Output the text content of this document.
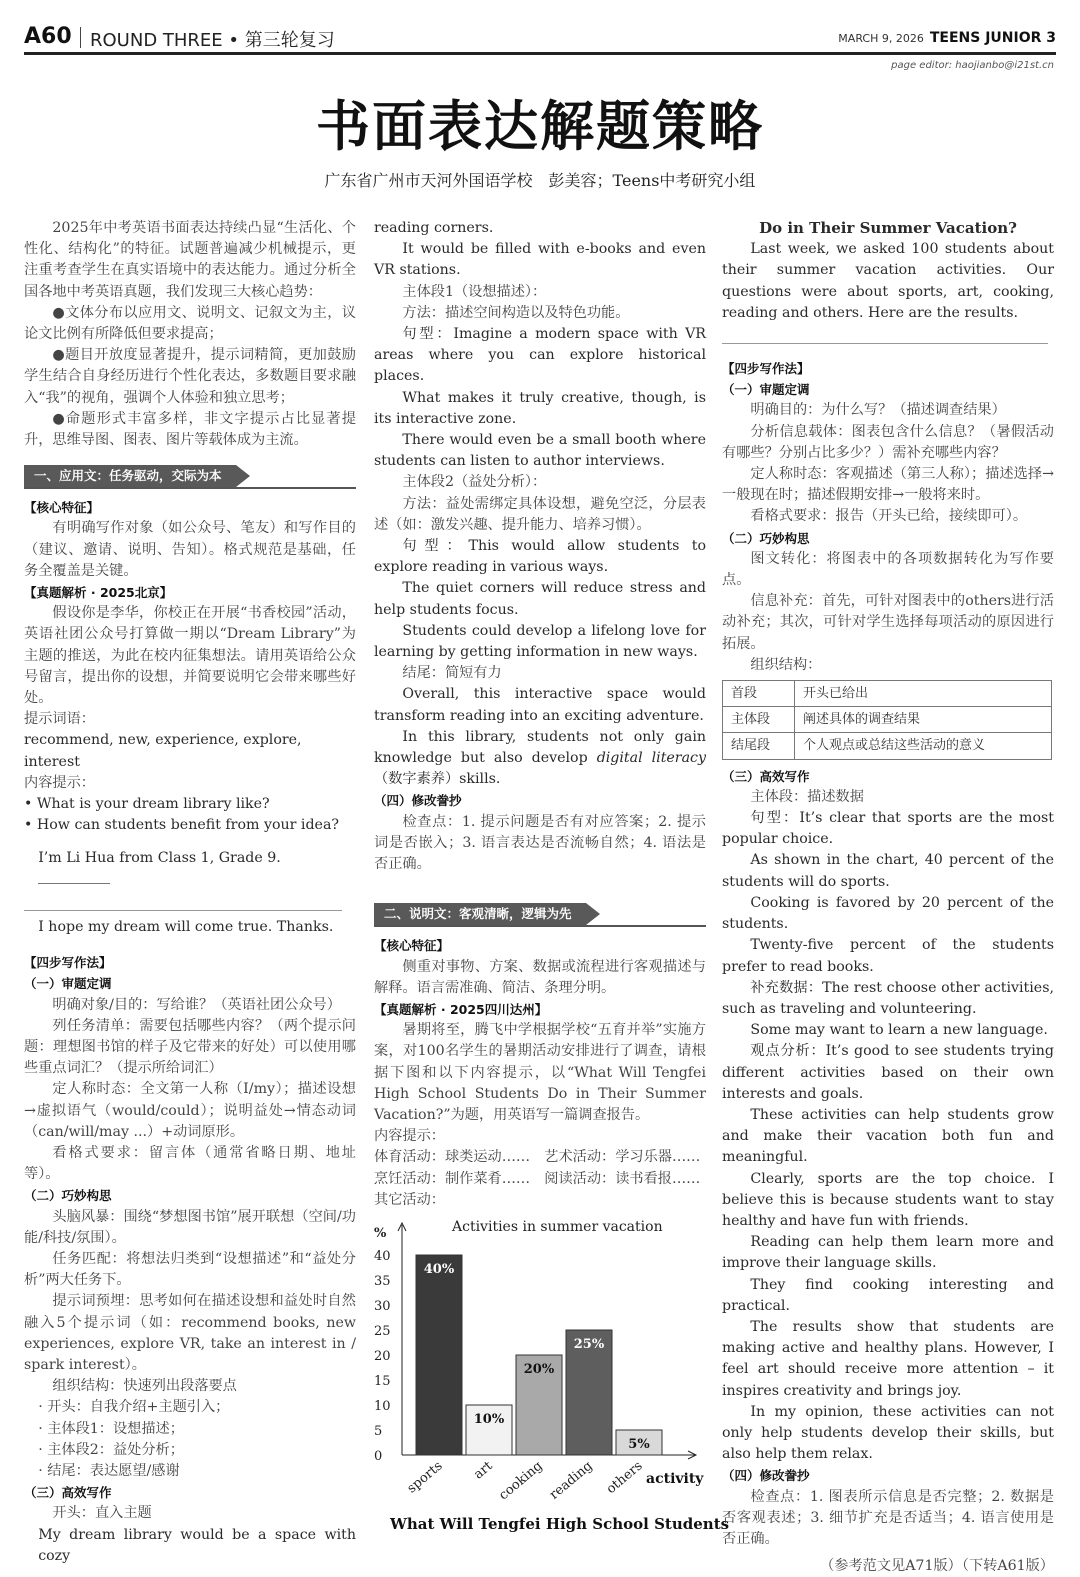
A60 ROUND THREE • 第三轮复习	MARCH 9, 2026 TEENS JUNIOR 3
page editor: haojianbo@i21st.cn
书面表达解题策略
广东省广州市天河外国语学校　彭美容；Teens中考研究小组

2025年中考英语书面表达持续凸显“生活化、个性化、结构化”的特征。试题普遍减少机械提示，更注重考查学生在真实语境中的表达能力。通过分析全国各地中考英语真题，我们发现三大核心趋势：

●文体分布以应用文、说明文、记叙文为主，议论文比例有所降低但要求提高；

●题目开放度显著提升，提示词精简，更加鼓励学生结合自身经历进行个性化表达，多数题目要求融入“我”的视角，强调个人体验和独立思考；

●命题形式丰富多样，非文字提示占比显著提升，思维导图、图表、图片等载体成为主流。

一、应用文：任务驱动，交际为本
【核心特征】

有明确写作对象（如公众号、笔友）和写作目的（建议、邀请、说明、告知）。格式规范是基础，任务全覆盖是关键。

【真题解析 · 2025北京】

假设你是李华，你校正在开展“书香校园”活动，英语社团公众号打算做一期以“Dream Library”为主题的推送，为此在校内征集想法。请用英语给公众号留言，提出你的设想，并简要说明它会带来哪些好处。

提示词语：
recommend, new, experience, explore, interest
内容提示：
• What is your dream library like?
• How can students benefit from your idea?
I’m Li Hua from Class 1, Grade 9.
I hope my dream will come true. Thanks.
【四步写作法】
（一）审题定调

明确对象/目的：写给谁？（英语社团公众号）

列任务清单：需要包括哪些内容？（两个提示问题：理想图书馆的样子及它带来的好处）可以使用哪些重点词汇？（提示所给词汇）

定人称时态：全文第一人称（I/my）；描述设想→虚拟语气（would/could）；说明益处→情态动词（can/will/may ...）+动词原形。

看格式要求：留言体（通常省略日期、地址等）。

（二）巧妙构思

头脑风暴：围绕“梦想图书馆”展开联想（空间/功能/科技/氛围）。

任务匹配：将想法归类到“设想描述”和“益处分析”两大任务下。

提示词预埋：思考如何在描述设想和益处时自然融入5个提示词（如：recommend books, new experiences, explore VR, take an interest in / spark interest）。

组织结构：快速列出段落要点

· 开头：自我介绍+主题引入；
· 主体段1：设想描述；
· 主体段2：益处分析；
· 结尾：表达愿望/感谢
（三）高效写作

开头：直入主题

My dream library would be a space with cozy

reading corners.

It would be filled with e-books and even VR stations.

主体段1（设想描述）：

方法：描述空间构造以及特色功能。

句型：Imagine a modern space with VR areas where you can explore historical places.

What makes it truly creative, though, is its interactive zone.

There would even be a small booth where students can listen to author interviews.

主体段2（益处分析）：

方法：益处需绑定具体设想，避免空泛，分层表述（如：激发兴趣、提升能力、培养习惯）。

句型：This would allow students to explore reading in various ways.

The quiet corners will reduce stress and help students focus.

Students could develop a lifelong love for learning by getting information in new ways.

结尾：简短有力

Overall, this interactive space would transform reading into an exciting adventure.

In this library, students not only gain knowledge but also develop digital literacy（数字素养）skills.

（四）修改誊抄

检查点：1. 提示问题是否有对应答案；2. 提示词是否嵌入；3. 语言表达是否流畅自然；4. 语法是否正确。

二、说明文：客观清晰，逻辑为先
【核心特征】

侧重对事物、方案、数据或流程进行客观描述与解释。语言需准确、简洁、条理分明。

【真题解析 · 2025四川达州】

暑期将至，腾飞中学根据学校“五育并举”实施方案，对100名学生的暑期活动安排进行了调查，请根据下图和以下内容提示，以“What Will Tengfei High School Students Do in Their Summer Vacation?”为题，用英语写一篇调查报告。

内容提示：
体育活动：球类运动……　艺术活动：学习乐器……
烹饪活动：制作菜肴……　阅读活动：读书看报……
其它活动：
Activities in summer vacation
%
0
5
10
15
20
25
30
35
40
40%
sports
10%
art
20%
cooking
25%
reading
5%
others activity
What Will Tengfei High School Students
Do in Their Summer Vacation?

Last week, we asked 100 students about their summer vacation activities. Our questions were about sports, art, cooking, reading and others. Here are the results.

【四步写作法】
（一）审题定调

明确目的：为什么写？（描述调查结果）

分析信息载体：图表包含什么信息？（暑假活动有哪些？分别占比多少？）需补充哪些内容？

定人称时态：客观描述（第三人称）；描述选择→一般现在时；描述假期安排→一般将来时。

看格式要求：报告（开头已给，接续即可）。

（二）巧妙构思

图文转化：将图表中的各项数据转化为写作要点。

信息补充：首先，可针对图表中的others进行活动补充；其次，可针对学生选择每项活动的原因进行拓展。

组织结构：

首段	开头已给出
主体段	阐述具体的调查结果
结尾段	个人观点或总结这些活动的意义
（三）高效写作

主体段：描述数据

句型：It’s clear that sports are the most popular choice.

As shown in the chart, 40 percent of the students will do sports.

Cooking is favored by 20 percent of the students.

Twenty-five percent of the students prefer to read books.

补充数据：The rest choose other activities, such as traveling and volunteering.

Some may want to learn a new language.

观点分析：It’s good to see students trying different activities based on their own interests and goals.

These activities can help students grow and make their vacation both fun and meaningful.

Clearly, sports are the top choice. I believe this is because students want to stay healthy and have fun with friends.

Reading can help them learn more and improve their language skills.

They find cooking interesting and practical.

The results show that students are making active and healthy plans. However, I feel art should receive more attention – it inspires creativity and brings joy.

In my opinion, these activities can not only help students develop their skills, but also help them relax.

（四）修改誊抄

检查点：1. 图表所示信息是否完整；2. 数据是否客观表述；3. 细节扩充是否适当；4. 语言使用是否正确。

（参考范文见A71版）（下转A61版）
